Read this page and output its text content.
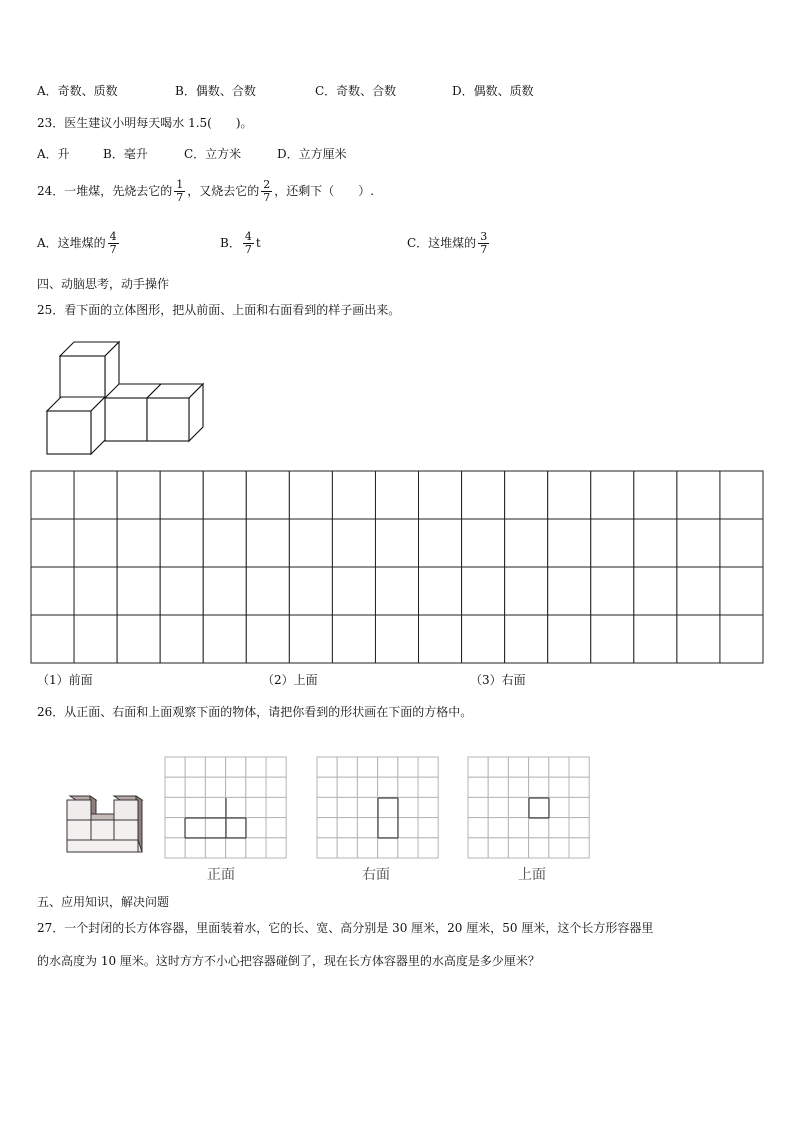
A．奇数、质数	B．偶数、合数	C．奇数、合数	D．偶数、质数
23．医生建议小明每天喝水 1.5(　　)。
A．升	B．毫升	C．立方米	D．立方厘米
24．一堆煤，先烧去它的 $\frac{1}{7}$ ，又烧去它的 $\frac{2}{7}$ ，还剩下（　　）.
A．这堆煤的 $\frac{4}{7}$	B． $\frac{4}{7}$ t	C．这堆煤的 $\frac{3}{7}$
四、动脑思考，动手操作
25．看下面的立体图形，把从前面、上面和右面看到的样子画出来。
（1）前面	（2）上面	（3）右面
26．从正面、右面和上面观察下面的物体，请把你看到的形状画在下面的方格中。
正面	右面	上面
五、应用知识，解决问题
27．一个封闭的长方体容器，里面装着水，它的长、宽、高分别是 30 厘米，20 厘米，50 厘米，这个长方形容器里
的水高度为 10 厘米。这时方方不小心把容器碰倒了，现在长方体容器里的水高度是多少厘米？
